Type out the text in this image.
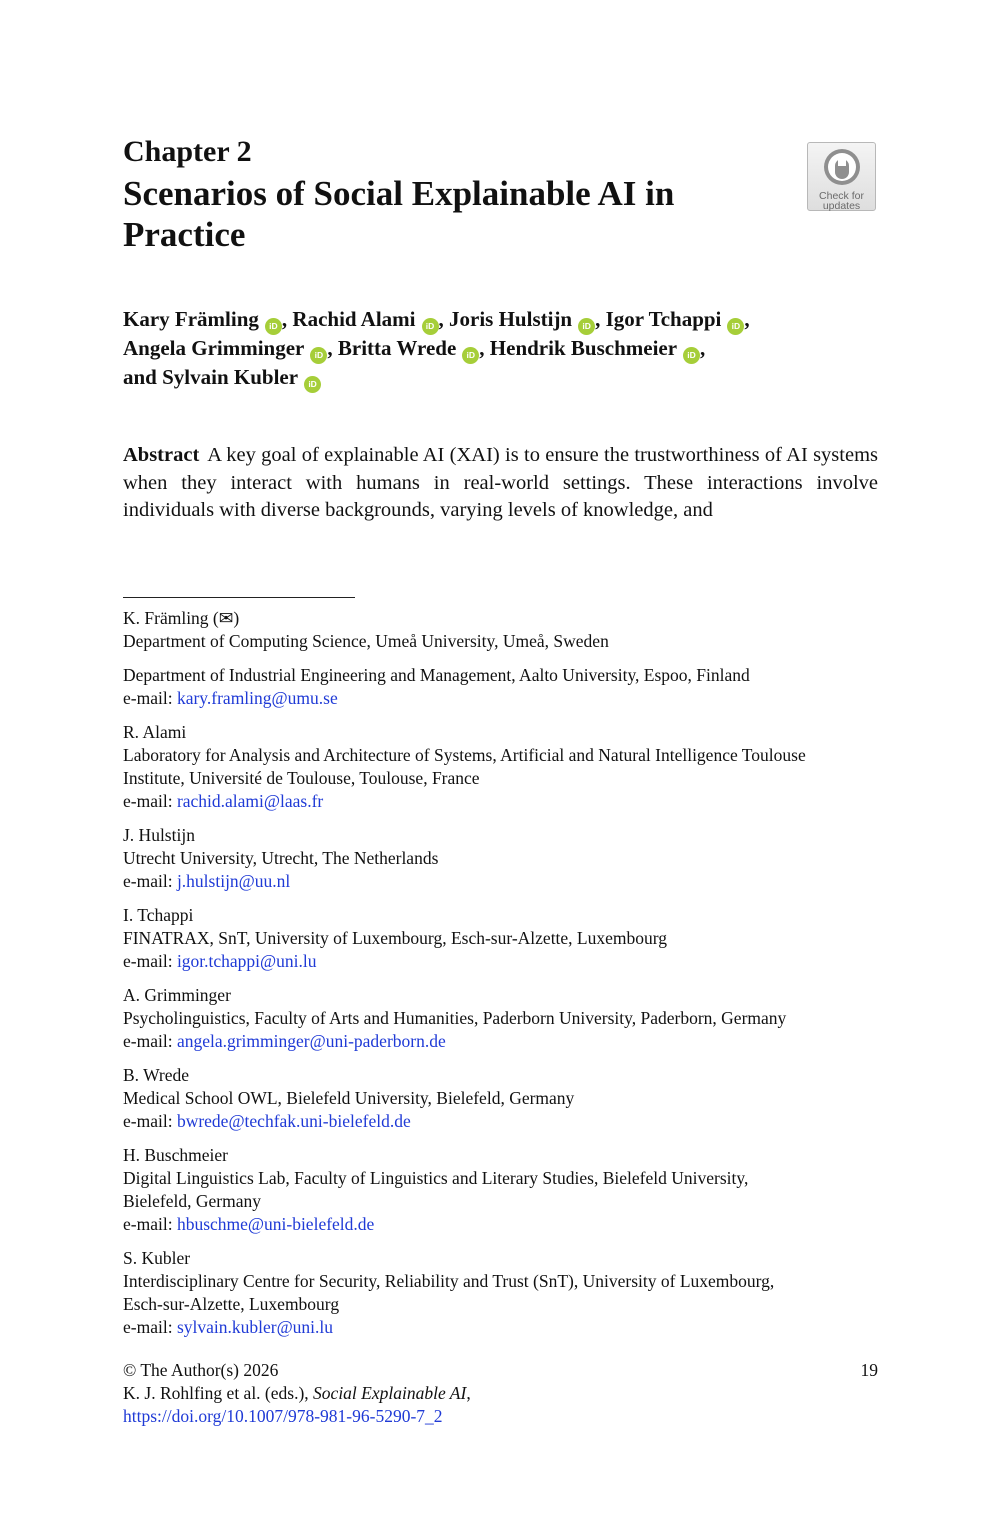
Chapter 2
Scenarios of Social Explainable AI in Practice
Check for
updates
Kary Främling iD , Rachid Alami iD , Joris Hulstijn iD , Igor Tchappi iD ,
Angela Grimminger iD , Britta Wrede iD , Hendrik Buschmeier iD ,
and Sylvain Kubler iD
Abstract A key goal of explainable AI (XAI) is to ensure the trustworthiness of AI systems when they interact with humans in real-world settings. These interactions involve individuals with diverse backgrounds, varying levels of knowledge, and
K. Främling (✉)
Department of Computing Science, Umeå University, Umeå, Sweden
Department of Industrial Engineering and Management, Aalto University, Espoo, Finland
e-mail: kary.framling@umu.se
R. Alami
Laboratory for Analysis and Architecture of Systems, Artificial and Natural Intelligence Toulouse
Institute, Université de Toulouse, Toulouse, France
e-mail: rachid.alami@laas.fr
J. Hulstijn
Utrecht University, Utrecht, The Netherlands
e-mail: j.hulstijn@uu.nl
I. Tchappi
FINATRAX, SnT, University of Luxembourg, Esch-sur-Alzette, Luxembourg
e-mail: igor.tchappi@uni.lu
A. Grimminger
Psycholinguistics, Faculty of Arts and Humanities, Paderborn University, Paderborn, Germany
e-mail: angela.grimminger@uni-paderborn.de
B. Wrede
Medical School OWL, Bielefeld University, Bielefeld, Germany
e-mail: bwrede@techfak.uni-bielefeld.de
H. Buschmeier
Digital Linguistics Lab, Faculty of Linguistics and Literary Studies, Bielefeld University,
Bielefeld, Germany
e-mail: hbuschme@uni-bielefeld.de
S. Kubler
Interdisciplinary Centre for Security, Reliability and Trust (SnT), University of Luxembourg,
Esch-sur-Alzette, Luxembourg
e-mail: sylvain.kubler@uni.lu
© The Author(s) 2026
K. J. Rohlfing et al. (eds.), Social Explainable AI,
https://doi.org/10.1007/978-981-96-5290-7_2
19
